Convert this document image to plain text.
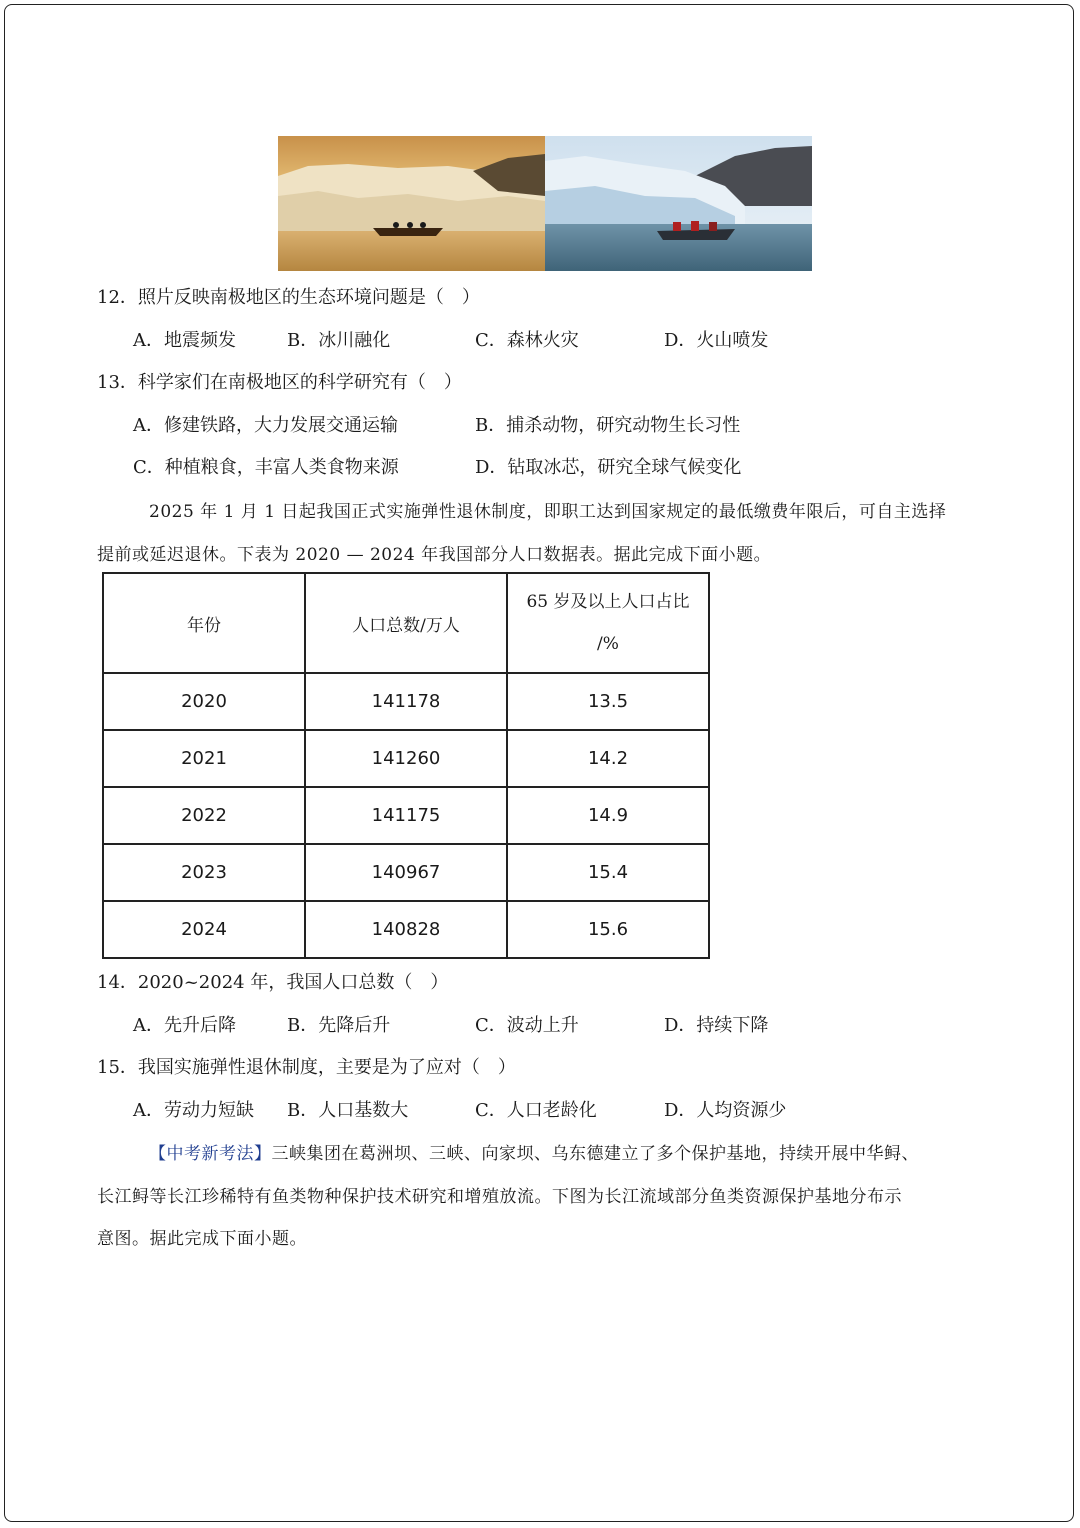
12．照片反映南极地区的生态环境问题是（　）
A．地震频发	B．冰川融化	C．森林火灾	D．火山喷发
13．科学家们在南极地区的科学研究有（　）
A．修建铁路，大力发展交通运输	B．捕杀动物，研究动物生长习性
C．种植粮食，丰富人类食物来源	D．钻取冰芯，研究全球气候变化
2025 年 1 月 1 日起我国正式实施弹性退休制度，即职工达到国家规定的最低缴费年限后，可自主选择
提前或延迟退休。下表为 2020 — 2024 年我国部分人口数据表。据此完成下面小题。
年份	人口总数/万人	65 岁及以上人口占比
/%

2020	141178	13.5
2021	141260	14.2
2022	141175	14.9
2023	140967	15.4
2024	140828	15.6
14．2020~2024 年，我国人口总数（　）
A．先升后降	B．先降后升	C．波动上升	D．持续下降
15．我国实施弹性退休制度，主要是为了应对（　）
A．劳动力短缺 B．人口基数大	C．人口老龄化	D．人均资源少
【中考新考法】三峡集团在葛洲坝、三峡、向家坝、乌东德建立了多个保护基地，持续开展中华鲟、
长江鲟等长江珍稀特有鱼类物种保护技术研究和增殖放流。下图为长江流域部分鱼类资源保护基地分布示
意图。据此完成下面小题。
